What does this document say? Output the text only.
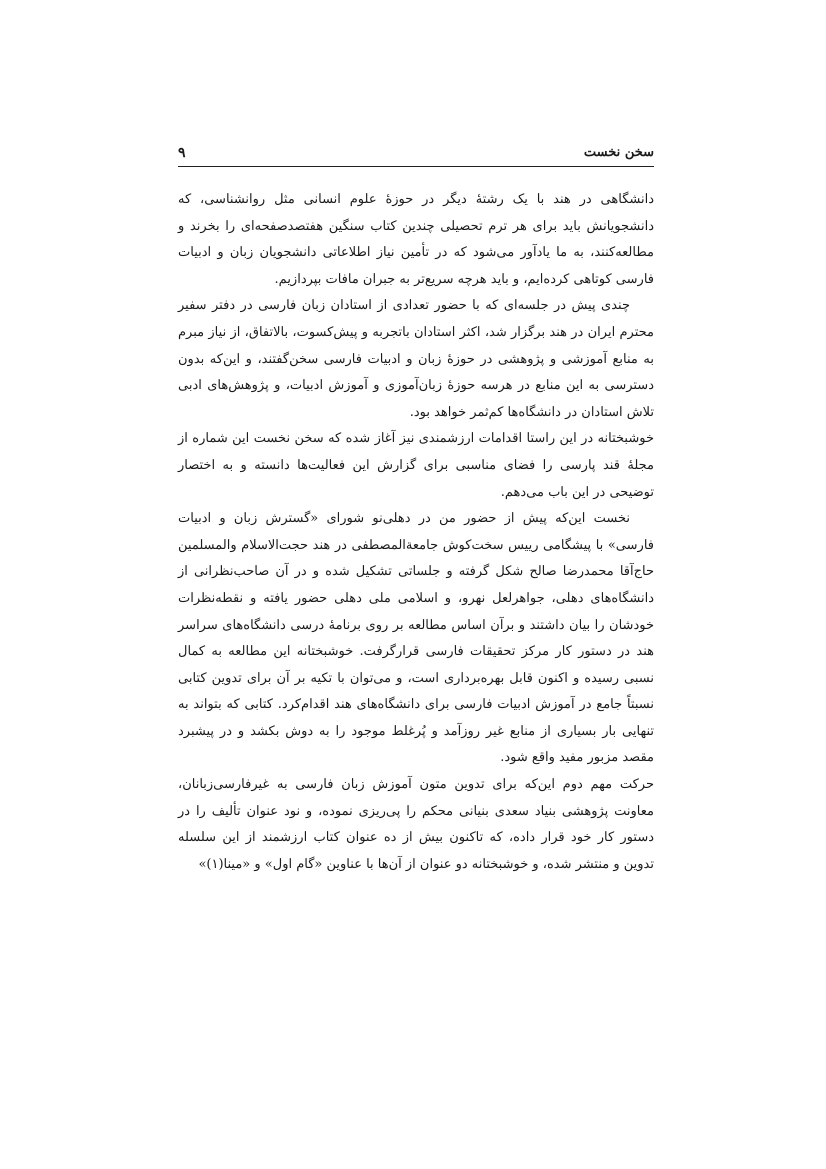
سخن نخست
۹

دانشگاهی در هند با یک رشتهٔ دیگر در حوزهٔ علوم انسانی مثل روانشناسی، که دانشجویانش باید برای هر ترم تحصیلی چندین کتاب سنگین هفتصدصفحه‌ای را بخرند و مطالعه‌کنند، به ما یادآور می‌شود که در تأمین نیاز اطلاعاتی دانشجویان زبان و ادبیات فارسی کوتاهی کرده‌ایم، و باید هرچه سریع‌تر به جبران مافات بپردازیم.

چندی پیش در جلسه‌ای که با حضور تعدادی از استادان زبان فارسی در دفتر سفیر محترم ایران در هند برگزار شد، اکثر استادان باتجربه و پیش‌کسوت، بالاتفاق، از نیاز مبرم به منابع آموزشی و پژوهشی در حوزهٔ زبان و ادبیات فارسی سخن‌گفتند، و این‌که بدون دسترسی به این منابع در هرسه حوزهٔ زبان‌آموزی و آموزش ادبیات، و پژوهش‌های ادبی تلاش استادان در دانشگاه‌ها کم‌ثمر خواهد بود.

خوشبختانه در این راستا اقدامات ارزشمندی نیز آغاز شده که سخن نخست این شماره از مجلهٔ قند پارسی را فضای مناسبی برای گزارش این فعالیت‌ها دانسته و به اختصار توضیحی در این باب می‌دهم.

نخست این‌که پیش از حضور من در دهلی‌نو شورای «گسترش زبان و ادبیات فارسی» با پیشگامی رییس سخت‌کوش جامعةالمصطفی در هند حجت‌الاسلام والمسلمین حاج‌آقا محمدرضا صالح شکل گرفته و جلساتی تشکیل شده و در آن صاحب‌نظرانی از دانشگاه‌های دهلی، جواهرلعل نهرو، و اسلامی ملی دهلی حضور یافته و نقطه‌نظرات خودشان را بیان داشتند و برآن اساس مطالعه بر روی برنامهٔ درسی دانشگاه‌های سراسر هند در دستور کار مرکز تحقیقات فارسی قرارگرفت. خوشبختانه این مطالعه به کمال نسبی رسیده و اکنون قابل بهره‌برداری است، و می‌توان با تکیه بر آن برای تدوین کتابی نسبتاً جامع در آموزش ادبیات فارسی برای دانشگاه‌های هند اقدام‌کرد. کتابی که بتواند به تنهایی بار بسیاری از منابع غیر روزآمد و پُرغلط موجود را به دوش بکشد و در پیشبرد مقصد مزبور مفید واقع شود.

حرکت مهم دوم این‌که برای تدوین متون آموزش زبان فارسی به غیرفارسی‌زبانان، معاونت پژوهشی بنیاد سعدی بنیانی محکم را پی‌ریزی نموده، و نود عنوان تألیف را در دستور کار خود قرار داده، که تاکنون بیش از ده عنوان کتاب ارزشمند از این سلسله تدوین و منتشر شده، و خوشبختانه دو عنوان از آن‌ها با عناوین «گام اول» و «مینا(۱)»
